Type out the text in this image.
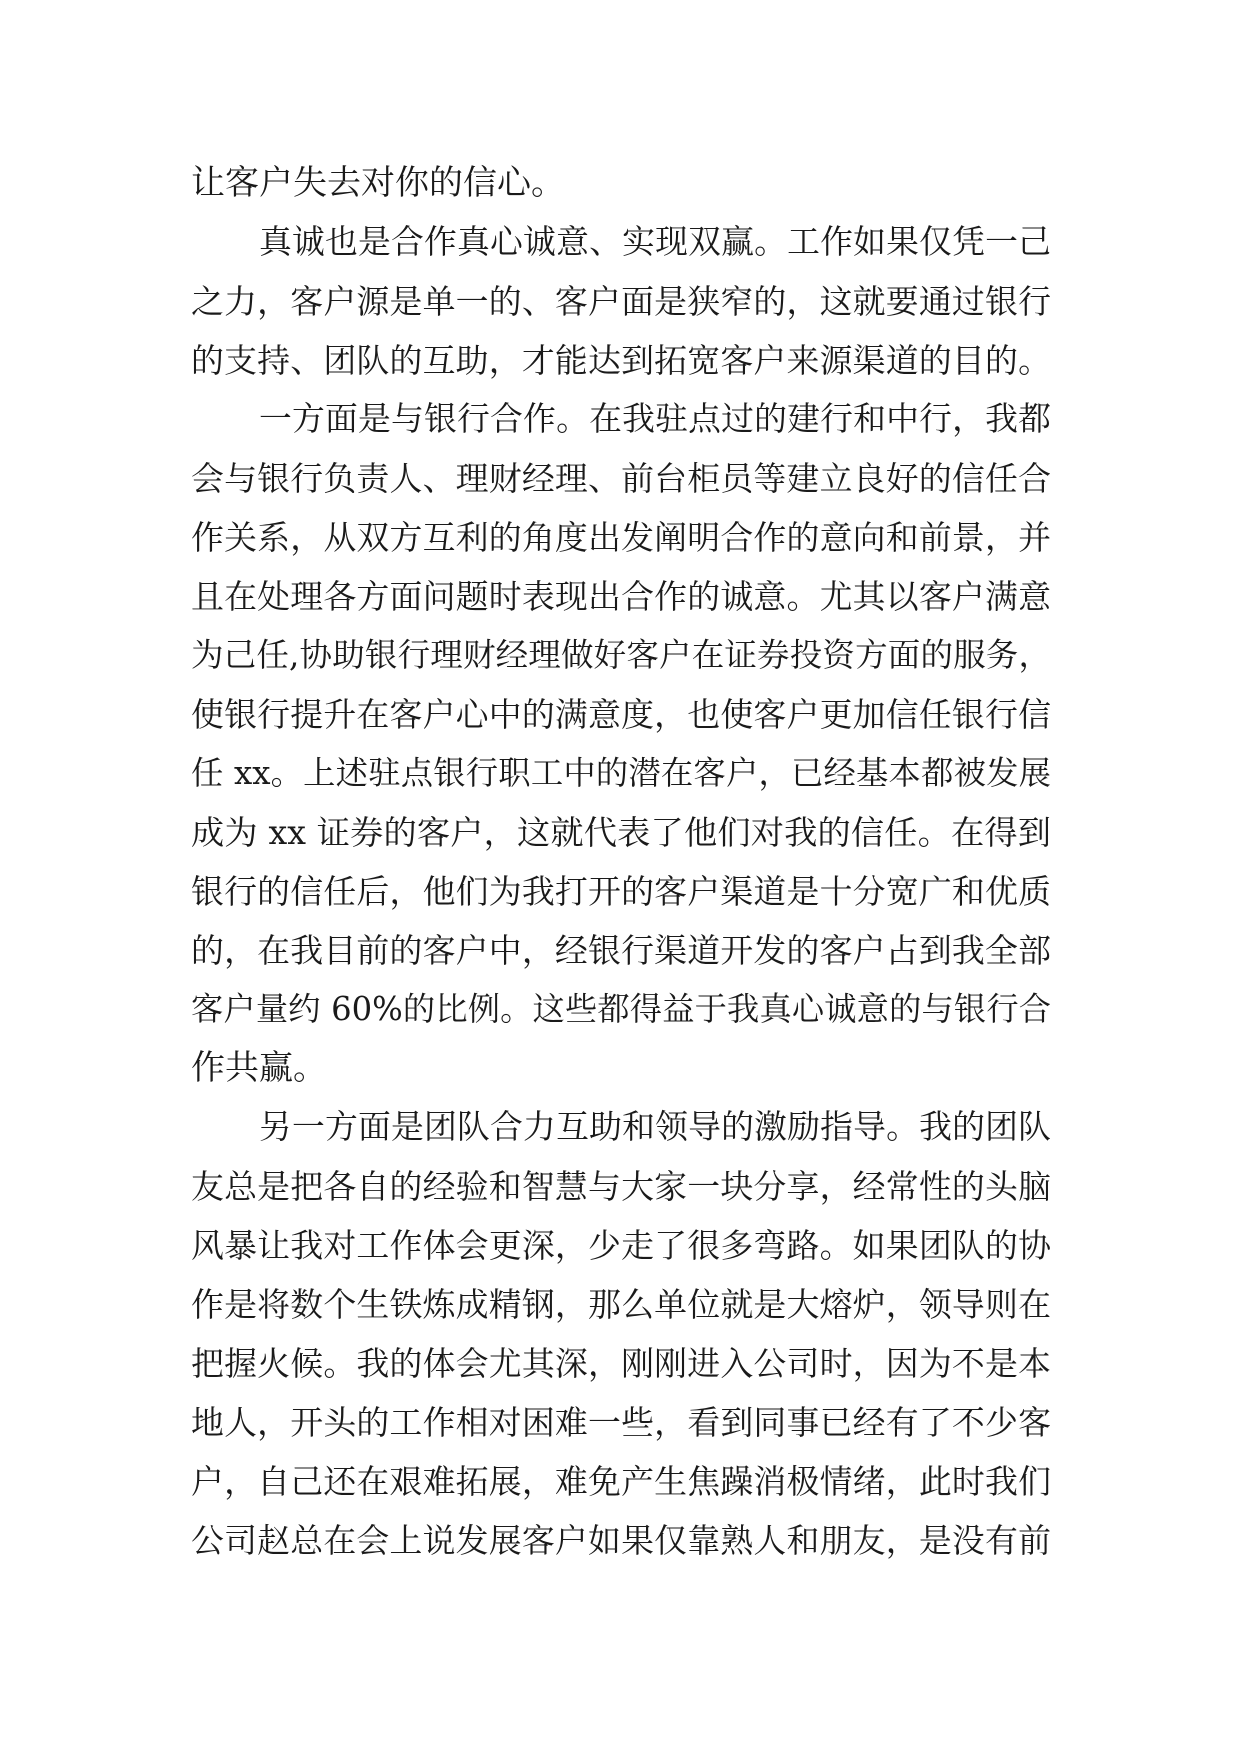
让客户失去对你的信心。
真诚也是合作真心诚意、实现双赢。工作如果仅凭一己
之力，客户源是单一的、客户面是狭窄的，这就要通过银行
的支持、团队的互助，才能达到拓宽客户来源渠道的目的。
一方面是与银行合作。在我驻点过的建行和中行，我都
会与银行负责人、理财经理、前台柜员等建立良好的信任合
作关系，从双方互利的角度出发阐明合作的意向和前景，并
且在处理各方面问题时表现出合作的诚意。尤其以客户满意
为己任,协助银行理财经理做好客户在证券投资方面的服务，
使银行提升在客户心中的满意度，也使客户更加信任银行信
任 xx。上述驻点银行职工中的潜在客户，已经基本都被发展
成为 xx 证券的客户，这就代表了他们对我的信任。在得到
银行的信任后，他们为我打开的客户渠道是十分宽广和优质
的，在我目前的客户中，经银行渠道开发的客户占到我全部
客户量约 60%的比例。这些都得益于我真心诚意的与银行合
作共赢。
另一方面是团队合力互助和领导的激励指导。我的团队
友总是把各自的经验和智慧与大家一块分享，经常性的头脑
风暴让我对工作体会更深，少走了很多弯路。如果团队的协
作是将数个生铁炼成精钢，那么单位就是大熔炉，领导则在
把握火候。我的体会尤其深，刚刚进入公司时，因为不是本
地人，开头的工作相对困难一些，看到同事已经有了不少客
户，自己还在艰难拓展，难免产生焦躁消极情绪，此时我们
公司赵总在会上说发展客户如果仅靠熟人和朋友，是没有前
